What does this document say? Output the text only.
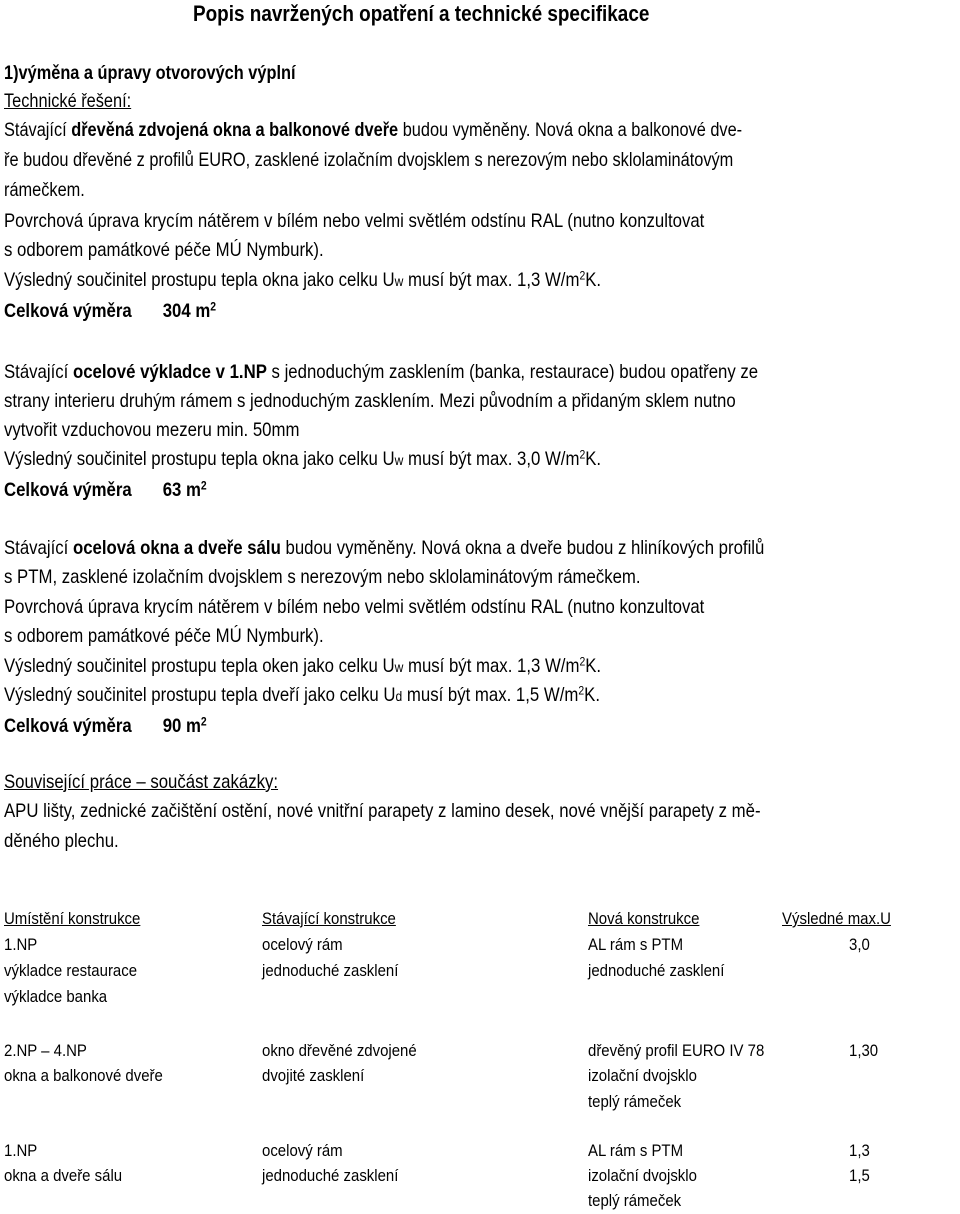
Popis navržených opatření a technické specifikace
1)výměna a úpravy otvorových výplní
Technické řešení:
Stávající dřevěná zdvojená okna a balkonové dveře budou vyměněny. Nová okna a balkonové dve-
ře budou dřevěné z profilů EURO, zasklené izolačním dvojsklem s nerezovým nebo sklolaminátovým
rámečkem.
Povrchová úprava krycím nátěrem v bílém nebo velmi světlém odstínu RAL (nutno konzultovat
s odborem památkové péče MÚ Nymburk).
Výsledný součinitel prostupu tepla okna jako celku Uw musí být max. 1,3 $W/m^2K$.
Celková výměra 304 $m^2$
Stávající ocelové výkladce v 1.NP s jednoduchým zasklením (banka, restaurace) budou opatřeny ze
strany interieru druhým rámem s jednoduchým zasklením. Mezi původním a přidaným sklem nutno
vytvořit vzduchovou mezeru min. 50mm
Výsledný součinitel prostupu tepla okna jako celku Uw musí být max. 3,0 $W/m^2K$.
Celková výměra 63 $m^2$
Stávající ocelová okna a dveře sálu budou vyměněny. Nová okna a dveře budou z hliníkových profilů
s PTM, zasklené izolačním dvojsklem s nerezovým nebo sklolaminátovým rámečkem.
Povrchová úprava krycím nátěrem v bílém nebo velmi světlém odstínu RAL (nutno konzultovat
s odborem památkové péče MÚ Nymburk).
Výsledný součinitel prostupu tepla oken jako celku Uw musí být max. 1,3 $W/m^2K$.
Výsledný součinitel prostupu tepla dveří jako celku Ud musí být max. 1,5 $W/m^2K$.
Celková výměra 90 $m^2$
Související práce – součást zakázky:
APU lišty, zednické začištění ostění, nové vnitřní parapety z lamino desek, nové vnější parapety z mě-
děného plechu.
Umístění konstrukce	Stávající konstrukce	Nová konstrukce	Výsledné max.U
1.NP	ocelový rám	AL rám s PTM	3,0
výkladce restaurace	jednoduché zasklení	jednoduché zasklení
výkladce banka
2.NP – 4.NP	okno dřevěné zdvojené	dřevěný profil EURO IV 78	1,30
okna a balkonové dveře	dvojité zasklení	izolační dvojsklo
teplý rámeček
1.NP	ocelový rám	AL rám s PTM	1,3
okna a dveře sálu	jednoduché zasklení	izolační dvojsklo	1,5
teplý rámeček
